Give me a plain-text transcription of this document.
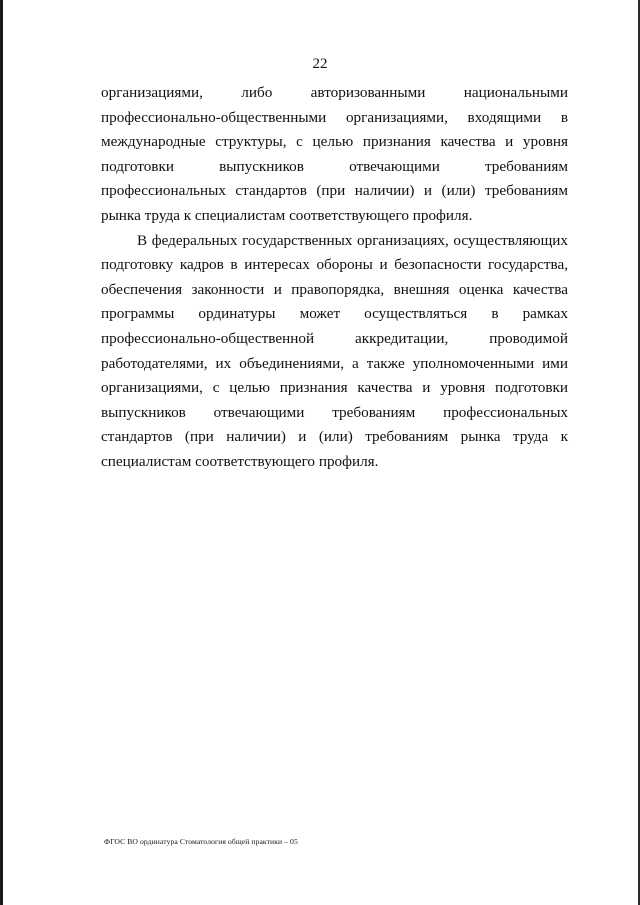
22

организациями, либо авторизованными национальными профессионально-общественными организациями, входящими в международные структуры, с целью признания качества и уровня подготовки выпускников отвечающими требованиям профессиональных стандартов (при наличии) и (или) требованиям рынка труда к специалистам соответствующего профиля.

В федеральных государственных организациях, осуществляющих подготовку кадров в интересах обороны и безопасности государства, обеспечения законности и правопорядка, внешняя оценка качества программы ординатуры может осуществляться в рамках профессионально-общественной аккредитации, проводимой работодателями, их объединениями, а также уполномоченными ими организациями, с целью признания качества и уровня подготовки выпускников отвечающими требованиям профессиональных стандартов (при наличии) и (или) требованиям рынка труда к специалистам соответствующего профиля.

ФГОС ВО ординатура Стоматология общей практики – 05
